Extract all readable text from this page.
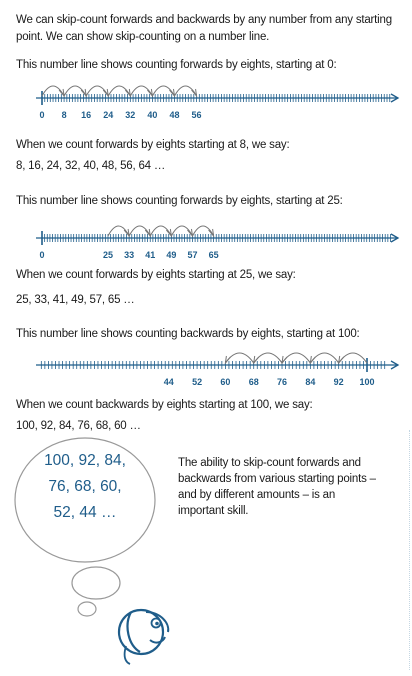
We can skip-count forwards and backwards by any number from any starting point. We can show skip-counting on a number line.
This number line shows counting forwards by eights, starting at 0:
0 8 16 24 32 40 48 56
When we count forwards by eights starting at 8, we say:
8, 16, 24, 32, 40, 48, 56, 64 …
This number line shows counting forwards by eights, starting at 25:
0	25 33 41 49 57 65
When we count forwards by eights starting at 25, we say:
25, 33, 41, 49, 57, 65 …
This number line shows counting backwards by eights, starting at 100:
44 52 60 68 76 84 92 100
When we count backwards by eights starting at 100, we say:
100, 92, 84, 76, 68, 60 …
100, 92, 84,
76, 68, 60,
52, 44 …
The ability to skip-count forwards and backwards from various starting points – and by different amounts – is an important skill.
